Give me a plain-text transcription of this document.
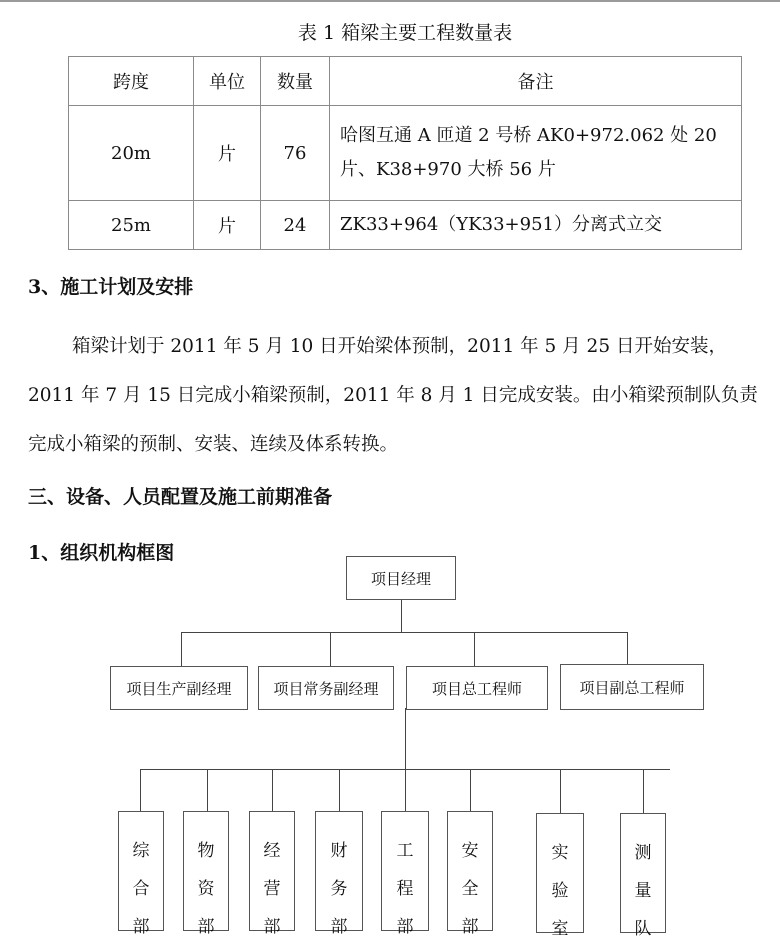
表 1 箱梁主要工程数量表
跨度	单位	数量	备注
20m	片	76	哈图互通 A 匝道 2 号桥 AK0+972.062 处 20
片、K38+970 大桥 56 片

25m	片	24	ZK33+964（YK33+951）分离式立交
3、施工计划及安排
箱梁计划于 2011 年 5 月 10 日开始梁体预制，2011 年 5 月 25 日开始安装，2011 年 7 月 15 日完成小箱梁预制，2011 年 8 月 1 日完成安装。由小箱梁预制队负责完成小箱梁的预制、安装、连续及体系转换。
三、设备、人员配置及施工前期准备
1、组织机构框图
项目经理
项目生产副经理	项目常务副经理	项目总工程师	项目副总工程师
综
合
部
物
资
部
经
营
部
财
务
部
工
程
部
安
全
部
实
验
室
测
量
队
